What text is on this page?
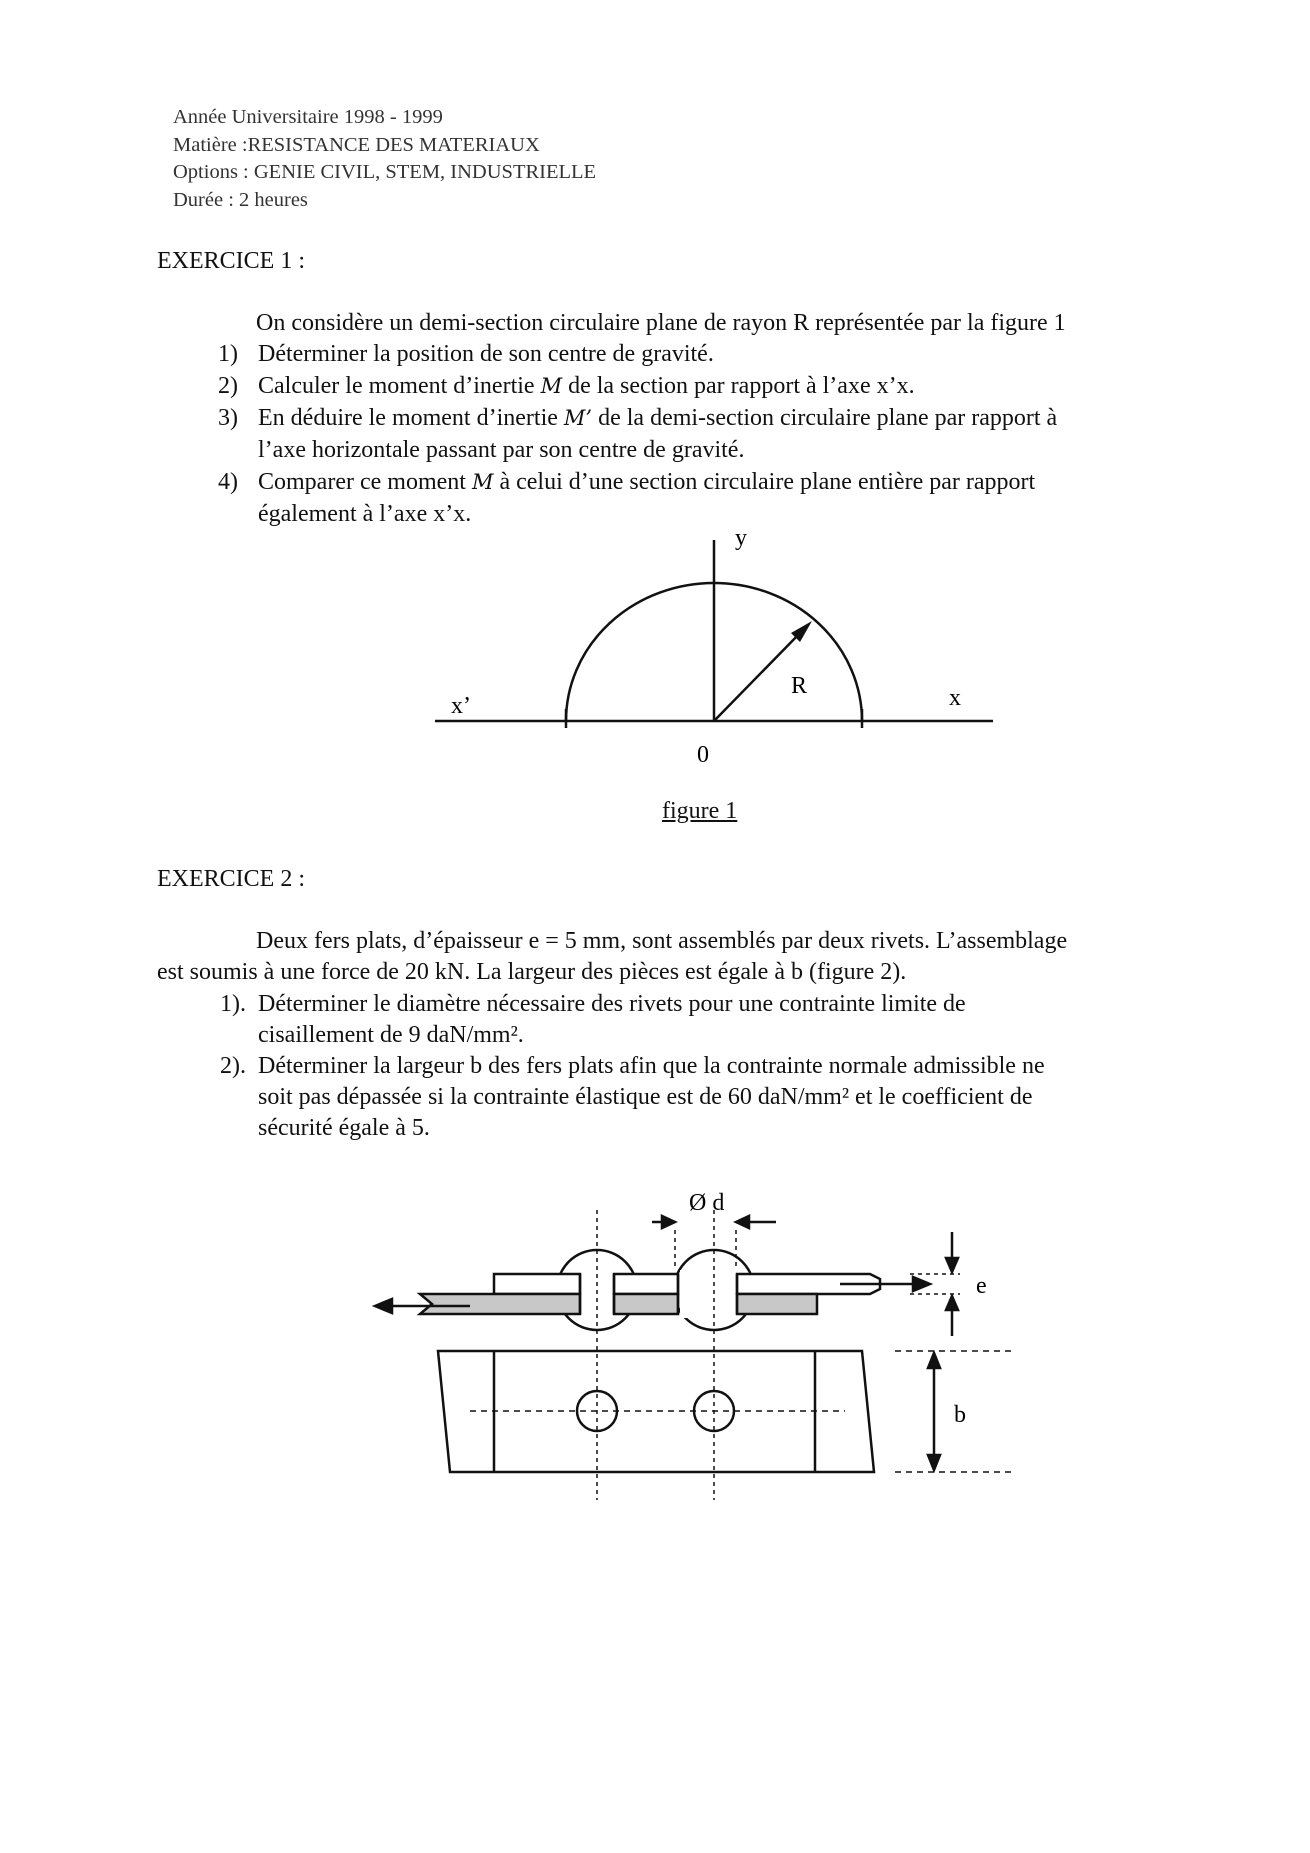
Année Universitaire 1998 - 1999
Matière :RESISTANCE DES MATERIAUX
Options : GENIE CIVIL, STEM, INDUSTRIELLE
Durée : 2 heures
EXERCICE 1 :
On considère un demi-section circulaire plane de rayon R représentée par la figure 1
1) Déterminer la position de son centre de gravité.
2) Calculer le moment d’inertie M de la section par rapport à l’axe x’x.
3) En déduire le moment d’inertie M’ de la demi-section circulaire plane par rapport à
l’axe horizontale passant par son centre de gravité.
4) Comparer ce moment M à celui d’une section circulaire plane entière par rapport
également à l’axe x’x.
y
x
x’
R
0
figure 1
EXERCICE 2 :
Deux fers plats, d’épaisseur e = 5 mm, sont assemblés par deux rivets. L’assemblage
est soumis à une force de 20 kN. La largeur des pièces est égale à b (figure 2).
1). Déterminer le diamètre nécessaire des rivets pour une contrainte limite de
cisaillement de 9 daN/mm².
2). Déterminer la largeur b des fers plats afin que la contrainte normale admissible ne
soit pas dépassée si la contrainte élastique est de 60 daN/mm² et le coefficient de
sécurité égale à 5.
Ø d
e
b
